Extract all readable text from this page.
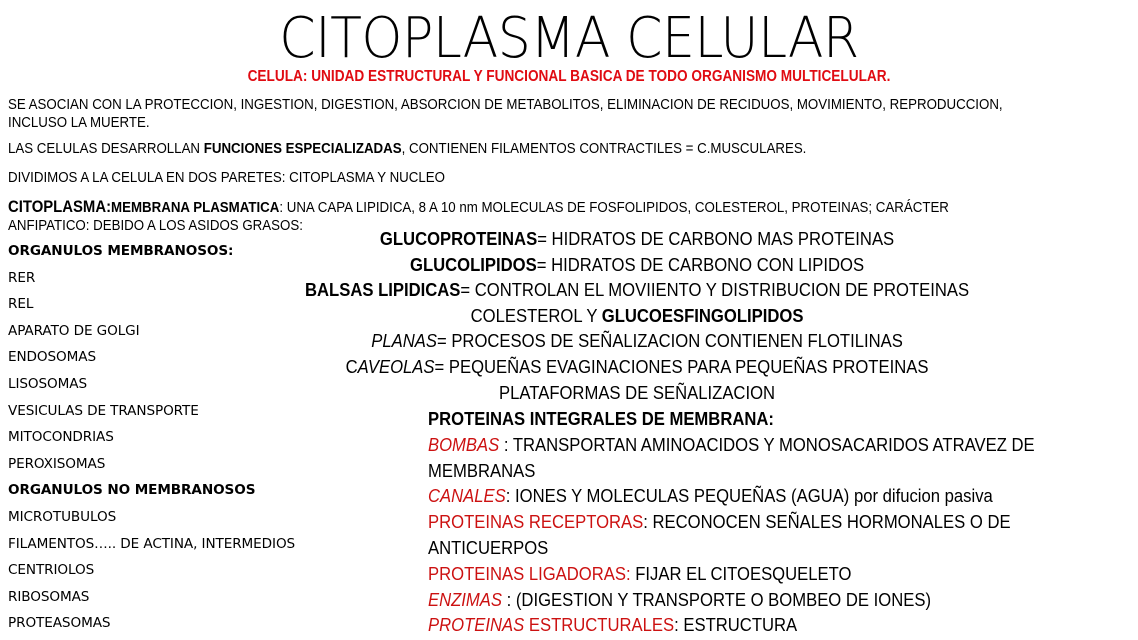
CITOPLASMA CELULAR
CELULA: UNIDAD ESTRUCTURAL Y FUNCIONAL BASICA DE TODO ORGANISMO MULTICELULAR.
SE ASOCIAN CON LA PROTECCION, INGESTION, DIGESTION, ABSORCION DE METABOLITOS, ELIMINACION DE RECIDUOS, MOVIMIENTO, REPRODUCCION,
INCLUSO LA MUERTE.
LAS CELULAS DESARROLLAN FUNCIONES ESPECIALIZADAS, CONTIENEN FILAMENTOS CONTRACTILES = C.MUSCULARES.
DIVIDIMOS A LA CELULA EN DOS PARETES: CITOPLASMA Y NUCLEO
CITOPLASMA:MEMBRANA PLASMATICA: UNA CAPA LIPIDICA, 8 A 10 nm MOLECULAS DE FOSFOLIPIDOS, COLESTEROL, PROTEINAS; CARÁCTER
ANFIPATICO: DEBIDO A LOS ASIDOS GRASOS:
ORGANULOS MEMBRANOSOS:
RER
REL
APARATO DE GOLGI
ENDOSOMAS
LISOSOMAS
VESICULAS DE TRANSPORTE
MITOCONDRIAS
PEROXISOMAS
ORGANULOS NO MEMBRANOSOS
MICROTUBULOS
FILAMENTOS….. DE ACTINA, INTERMEDIOS
CENTRIOLOS
RIBOSOMAS
PROTEASOMAS
GLUCOPROTEINAS= HIDRATOS DE CARBONO MAS PROTEINAS
GLUCOLIPIDOS= HIDRATOS DE CARBONO CON LIPIDOS
BALSAS LIPIDICAS= CONTROLAN EL MOVIIENTO Y DISTRIBUCION DE PROTEINAS
COLESTEROL Y GLUCOESFINGOLIPIDOS
PLANAS= PROCESOS DE SEÑALIZACION CONTIENEN FLOTILINAS
CAVEOLAS= PEQUEÑAS EVAGINACIONES PARA PEQUEÑAS PROTEINAS
PLATAFORMAS DE SEÑALIZACION
PROTEINAS INTEGRALES DE MEMBRANA:
BOMBAS : TRANSPORTAN AMINOACIDOS Y MONOSACARIDOS ATRAVEZ DE MEMBRANAS
CANALES: IONES Y MOLECULAS PEQUEÑAS (AGUA) por difucion pasiva
PROTEINAS RECEPTORAS: RECONOCEN SEÑALES HORMONALES O DE ANTICUERPOS
PROTEINAS LIGADORAS: FIJAR EL CITOESQUELETO
ENZIMAS : (DIGESTION Y TRANSPORTE O BOMBEO DE IONES)
PROTEINAS ESTRUCTURALES: ESTRUCTURA
